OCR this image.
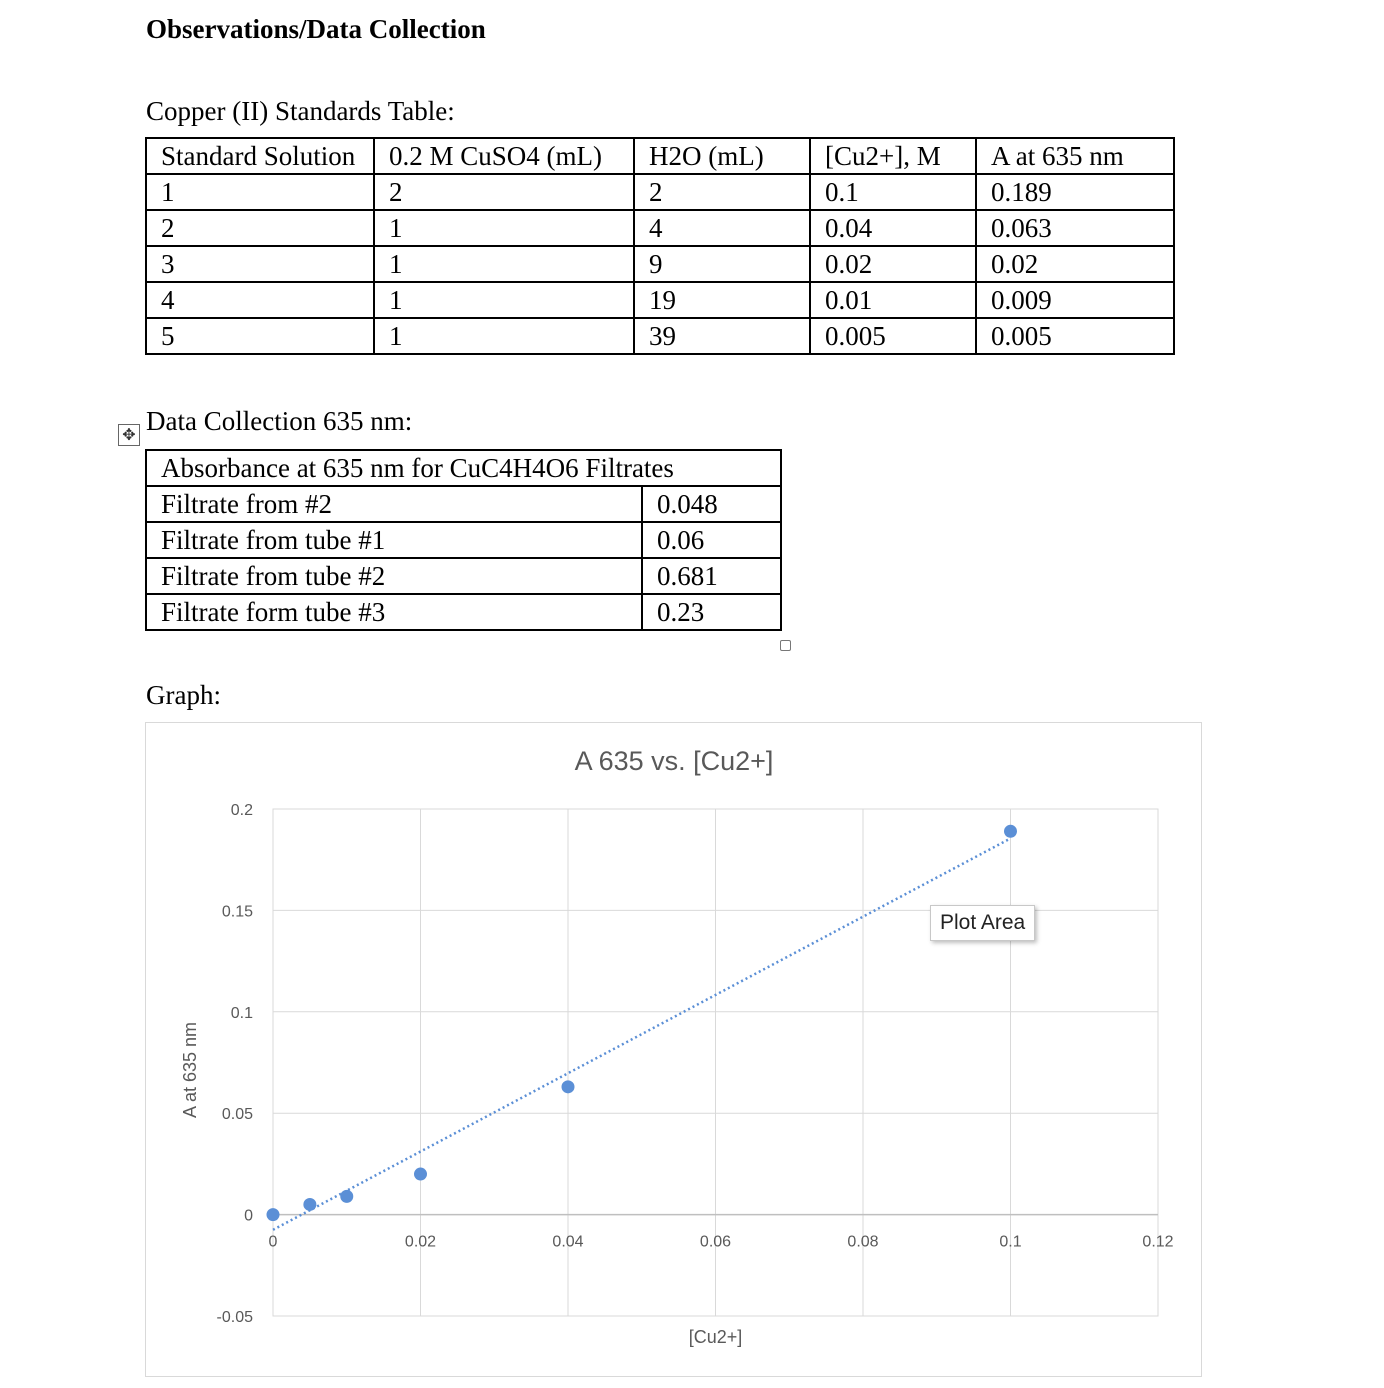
Observations/Data Collection
Copper (II) Standards Table:
Standard Solution	0.2 M CuSO4 (mL)	H2O (mL)	[Cu2+], M	A at 635 nm
1	2	2	0.1	0.189
2	1	4	0.04	0.063
3	1	9	0.02	0.02
4	1	19	0.01	0.009
5	1	39	0.005	0.005
✥ Data Collection 635 nm:
Absorbance at 635 nm for CuC4H4O6 Filtrates	
Filtrate from #2	0.048
Filtrate from tube #1	0.06
Filtrate from tube #2	0.681
Filtrate form tube #3	0.23
Graph:
-0.05
0
0.05
0.1
0.15
0.2
0	0.02	0.04	0.06	0.08	0.1	0.12
A 635 vs. [Cu2+]
[Cu2+]
A at 635 nm
Plot Area
